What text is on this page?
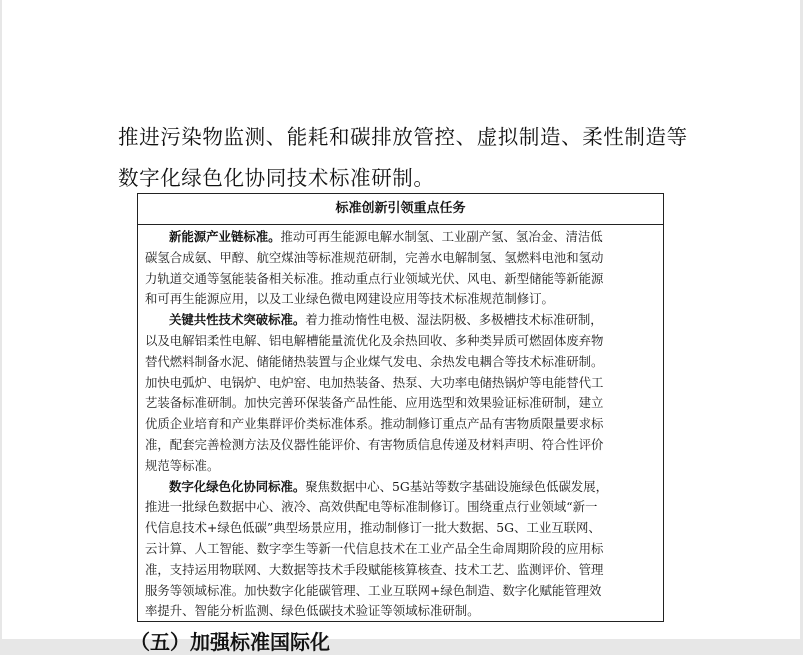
推进污染物监测、能耗和碳排放管控、虚拟制造、柔性制造等
数字化绿色化协同技术标准研制。

标准创新引领重点任务

新能源产业链标准。推动可再生能源电解水制氢、工业副产氢、氢冶金、清洁低
碳氢合成氨、甲醇、航空煤油等标准规范研制，完善水电解制氢、氢燃料电池和氢动
力轨道交通等氢能装备相关标准。推动重点行业领域光伏、风电、新型储能等新能源
和可再生能源应用，以及工业绿色微电网建设应用等技术标准规范制修订。

关键共性技术突破标准。着力推动惰性电极、湿法阴极、多极槽技术标准研制，
以及电解铝柔性电解、铝电解槽能量流优化及余热回收、多种类异质可燃固体废弃物
替代燃料制备水泥、储能储热装置与企业煤气发电、余热发电耦合等技术标准研制。
加快电弧炉、电锅炉、电炉窑、电加热装备、热泵、大功率电储热锅炉等电能替代工
艺装备标准研制。加快完善环保装备产品性能、应用选型和效果验证标准研制，建立
优质企业培育和产业集群评价类标准体系。推动制修订重点产品有害物质限量要求标
准，配套完善检测方法及仪器性能评价、有害物质信息传递及材料声明、符合性评价
规范等标准。

数字化绿色化协同标准。聚焦数据中心、5G基站等数字基础设施绿色低碳发展，
推进一批绿色数据中心、液冷、高效供配电等标准制修订。围绕重点行业领域“新一
代信息技术+绿色低碳”典型场景应用，推动制修订一批大数据、5G、工业互联网、
云计算、人工智能、数字孪生等新一代信息技术在工业产品全生命周期阶段的应用标
准，支持运用物联网、大数据等技术手段赋能核算核查、技术工艺、监测评价、管理
服务等领域标准。加快数字化能碳管理、工业互联网+绿色制造、数字化赋能管理效
率提升、智能分析监测、绿色低碳技术验证等领域标准研制。

（五）加强标准国际化
